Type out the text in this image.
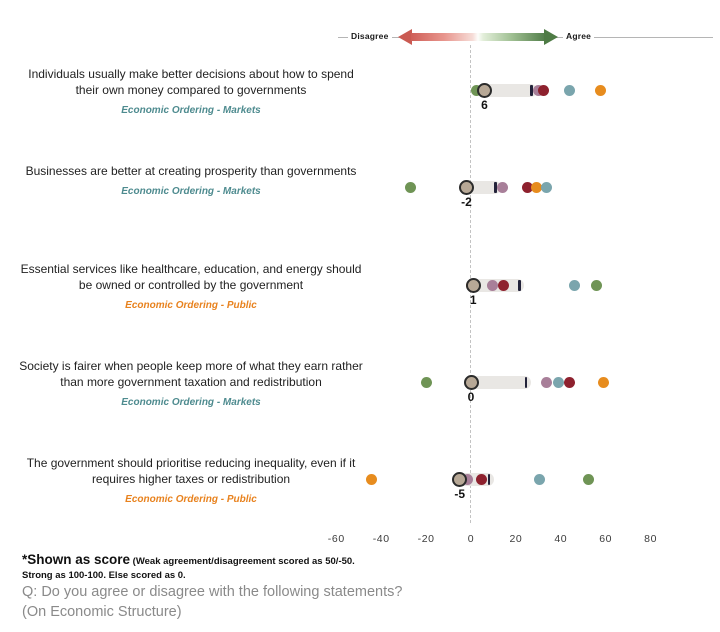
Disagree	Agree
Individuals usually make better decisions about how to spend their own money compared to governments
Economic Ordering - Markets	6
Businesses are better at creating prosperity than governments
Economic Ordering - Markets
-2
Essential services like healthcare, education, and energy should be owned or controlled by the government
Economic Ordering - Public	1
Society is fairer when people keep more of what they earn rather than more government taxation and redistribution
Economic Ordering - Markets	0
The government should prioritise reducing inequality, even if it requires higher taxes or redistribution
Economic Ordering - Public	-5
-60	-40	-20	0	20	40	60	80
*Shown as score (Weak agreement/disagreement scored as 50/-50.
Strong as 100-100. Else scored as 0.
Q: Do you agree or disagree with the following statements?
(On Economic Structure)
